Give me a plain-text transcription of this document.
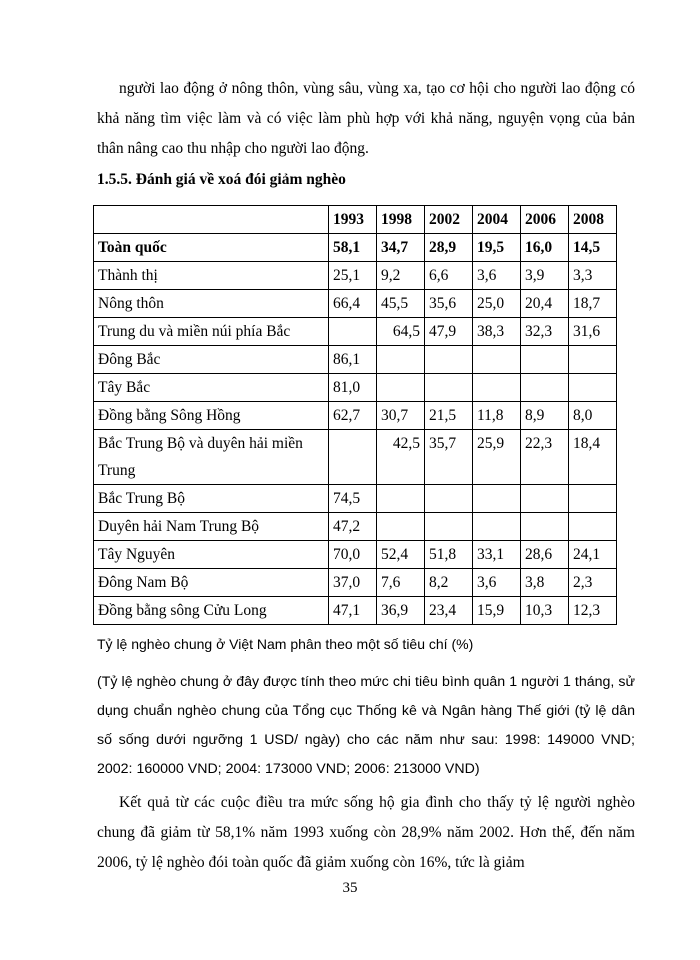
người lao động ở nông thôn, vùng sâu, vùng xa, tạo cơ hội cho người lao động có khả năng tìm việc làm và có việc làm phù hợp với khả năng, nguyện vọng của bản thân nâng cao thu nhập cho người lao động.

1.5.5. Đánh giá về xoá đói giảm nghèo

	1993	1998	2002	2004	2006	2008
Toàn quốc	58,1	34,7	28,9	19,5	16,0	14,5
Thành thị	25,1	9,2	6,6	3,6	3,9	3,3
Nông thôn	66,4	45,5	35,6	25,0	20,4	18,7
Trung du và miền núi phía Bắc		64,5	47,9	38,3	32,3	31,6
Đông Bắc	86,1					
Tây Bắc	81,0					
Đồng bằng Sông Hồng	62,7	30,7	21,5	11,8	8,9	8,0
Bắc Trung Bộ và duyên hải miền
Trung		42,5	35,7	25,9	22,3	18,4
Bắc Trung Bộ	74,5					
Duyên hải Nam Trung Bộ	47,2					
Tây Nguyên	70,0	52,4	51,8	33,1	28,6	24,1
Đông Nam Bộ	37,0	7,6	8,2	3,6	3,8	2,3
Đồng bằng sông Cửu Long	47,1	36,9	23,4	15,9	10,3	12,3

Tỷ lệ nghèo chung ở Việt Nam phân theo một số tiêu chí (%)

(Tỷ lệ nghèo chung ở đây được tính theo mức chi tiêu bình quân 1 người 1 tháng, sử dụng chuẩn nghèo chung của Tổng cục Thống kê và Ngân hàng Thế giới (tỷ lệ dân số sống dưới ngưỡng 1 USD/ ngày) cho các năm như sau: 1998: 149000 VND; 2002: 160000 VND; 2004: 173000 VND; 2006: 213000 VND)

Kết quả từ các cuộc điều tra mức sống hộ gia đình cho thấy tỷ lệ người nghèo chung đã giảm từ 58,1% năm 1993 xuống còn 28,9% năm 2002. Hơn thế, đến năm 2006, tỷ lệ nghèo đói toàn quốc đã giảm xuống còn 16%, tức là giảm

35
